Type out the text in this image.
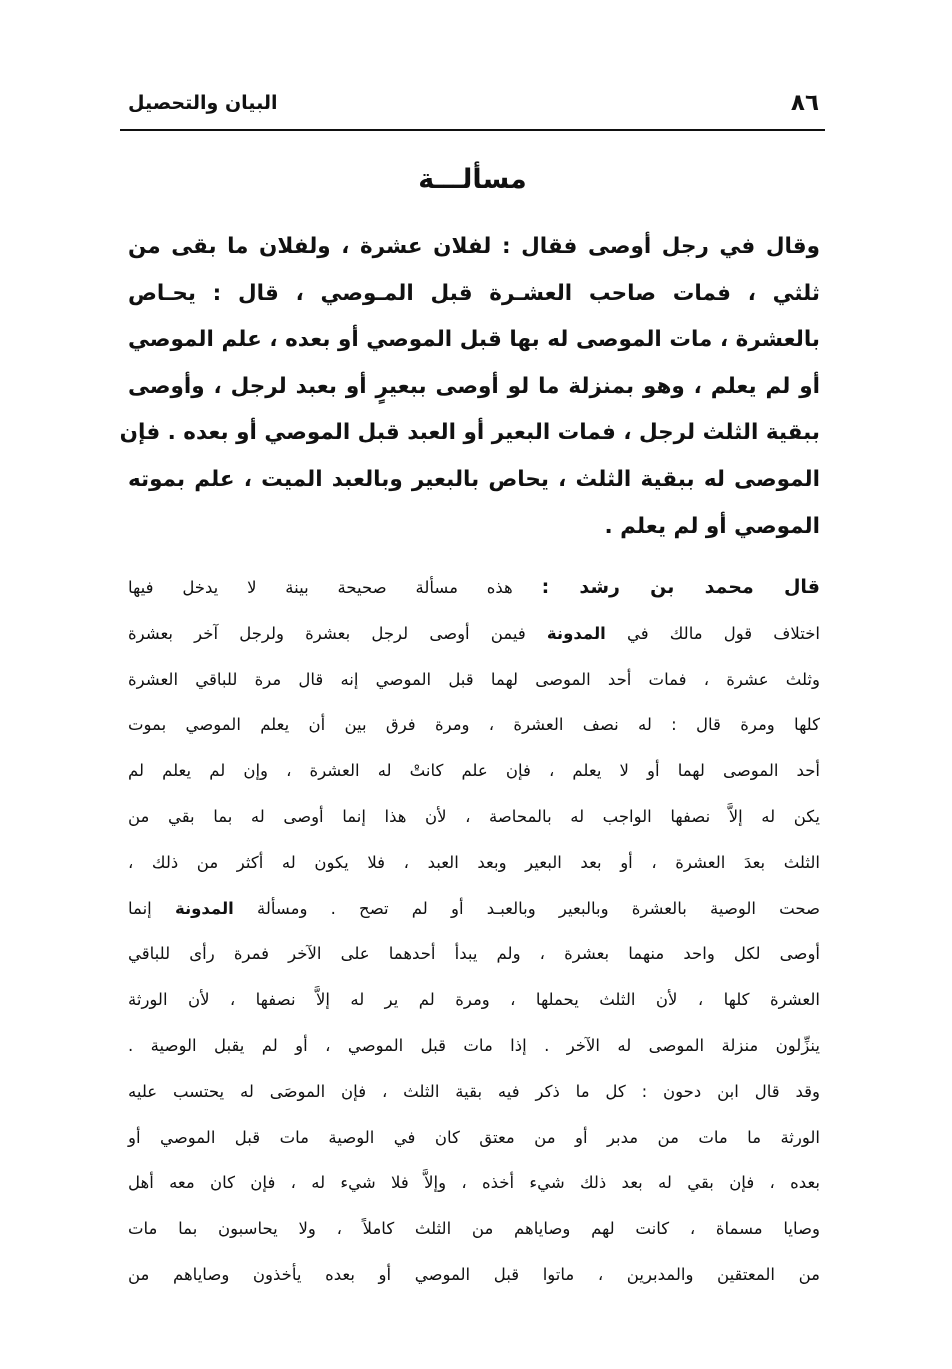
البيان والتحصيل	٨٦
مسألـــة
وقال في رجل أوصى فقال : لفلان عشرة ، ولفلان ما بقى من
ثلثي ، فمات صاحب العشـرة قبل المـوصي ، قال : يحـاص
بالعشرة ، مات الموصى له بها قبل الموصي أو بعده ، علم الموصي
أو لم يعلم ، وهو بمنزلة ما لو أوصى ببعيرٍ أو بعبد لرجل ، وأوصى
ببقية الثلث لرجل ، فمات البعير أو العبد قبل الموصي أو بعده . فإن
الموصى له ببقية الثلث ، يحاص بالبعير وبالعبد الميت ، علم بموته
الموصي أو لم يعلم .
قال محمد بن رشد : هذه مسألة صحيحة بينة لا يدخل فيها
اختلاف قول مالك في المدونة فيمن أوصى لرجل بعشرة ولرجل آخر بعشرة
وثلث عشرة ، فمات أحد الموصى لهما قبل الموصي إنه قال مرة للباقي العشرة
كلها ومرة قال : له نصف العشرة ، ومرة فرق بين أن يعلم الموصي بموت
أحد الموصى لهما أو لا يعلم ، فإن علم كانتْ له العشرة ، وإن لم يعلم لم
يكن له إلاَّ نصفها الواجب له بالمحاصة ، لأن هذا إنما أوصى له بما بقي من
الثلث بعدَ العشرة ، أو بعد البعير وبعد العبد ، فلا يكون له أكثر من ذلك ،
صحت الوصية بالعشرة وبالبعير وبالعبـد أو لم تصح . ومسألة المدونة إنما
أوصى لكل واحد منهما بعشرة ، ولم يبدأ أحدهما على الآخر فمرة رأى للباقي
العشرة كلها ، لأن الثلث يحملها ، ومرة لم ير له إلاَّ نصفها ، لأن الورثة
ينزِّلون منزلة الموصى له الآخر . إذا مات قبل الموصي ، أو لم يقبل الوصية .
وقد قال ابن دحون : كل ما ذكر فيه بقية الثلث ، فإن الموصَى له يحتسب عليه
الورثة ما مات من مدبر أو من معتق كان في الوصية مات قبل الموصي أو
بعده ، فإن بقي له بعد ذلك شيء أخذه ، وإلاَّ فلا شيء له ، فإن كان معه أهل
وصايا مسماة ، كانت لهم وصاياهم من الثلث كاملاً ، ولا يحاسبون بما مات
من المعتقين والمدبرين ، ماتوا قبل الموصي أو بعده يأخذون وصاياهم من
